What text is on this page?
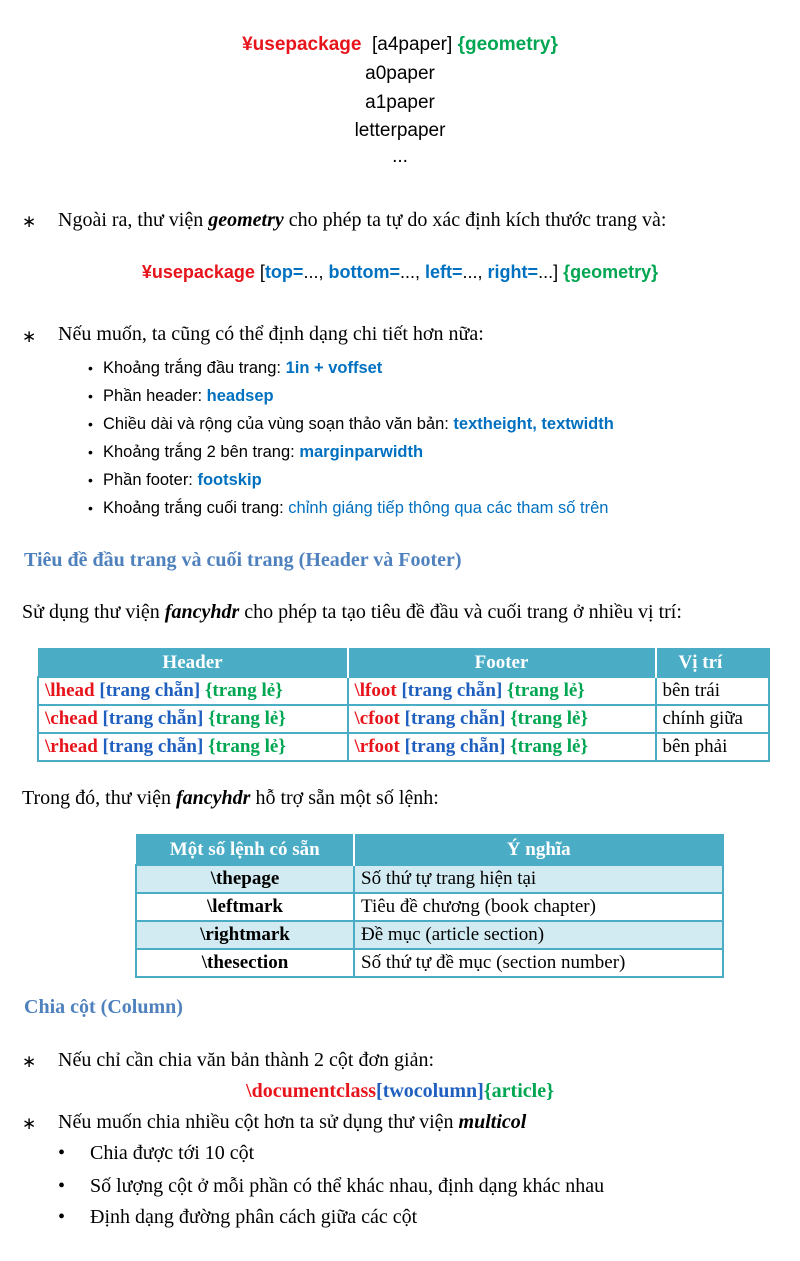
¥usepackage [a4paper] {geometry}
a0paper
a1paper
letterpaper
...
∗ Ngoài ra, thư viện geometry cho phép ta tự do xác định kích thước trang và:
¥usepackage [top=..., bottom=..., left=..., right=...] {geometry}
∗ Nếu muốn, ta cũng có thể định dạng chi tiết hơn nữa:
• Khoảng trắng đầu trang: 1in + voffset
• Phần header: headsep
• Chiều dài và rộng của vùng soạn thảo văn bản: textheight, textwidth
• Khoảng trắng 2 bên trang: marginparwidth
• Phần footer: footskip
• Khoảng trắng cuối trang: chỉnh giáng tiếp thông qua các tham số trên
Tiêu đề đầu trang và cuối trang (Header và Footer)
Sử dụng thư viện fancyhdr cho phép ta tạo tiêu đề đầu và cuối trang ở nhiều vị trí:
Header	Footer	Vị trí
\lhead [trang chẵn] {trang lẻ}	\lfoot [trang chẵn] {trang lẻ}	bên trái
\chead [trang chẵn] {trang lẻ}	\cfoot [trang chẵn] {trang lẻ}	chính giữa
\rhead [trang chẵn] {trang lẻ}	\rfoot [trang chẵn] {trang lẻ}	bên phải
Trong đó, thư viện fancyhdr hỗ trợ sẵn một số lệnh:
Một số lệnh có sẵn	Ý nghĩa
\thepage	Số thứ tự trang hiện tại
\leftmark	Tiêu đề chương (book chapter)
\rightmark	Đề mục (article section)
\thesection	Số thứ tự đề mục (section number)
Chia cột (Column)
∗ Nếu chỉ cần chia văn bản thành 2 cột đơn giản:
\documentclass[twocolumn]{article}
∗ Nếu muốn chia nhiều cột hơn ta sử dụng thư viện multicol
• Chia được tới 10 cột
• Số lượng cột ở mỗi phần có thể khác nhau, định dạng khác nhau
• Định dạng đường phân cách giữa các cột
